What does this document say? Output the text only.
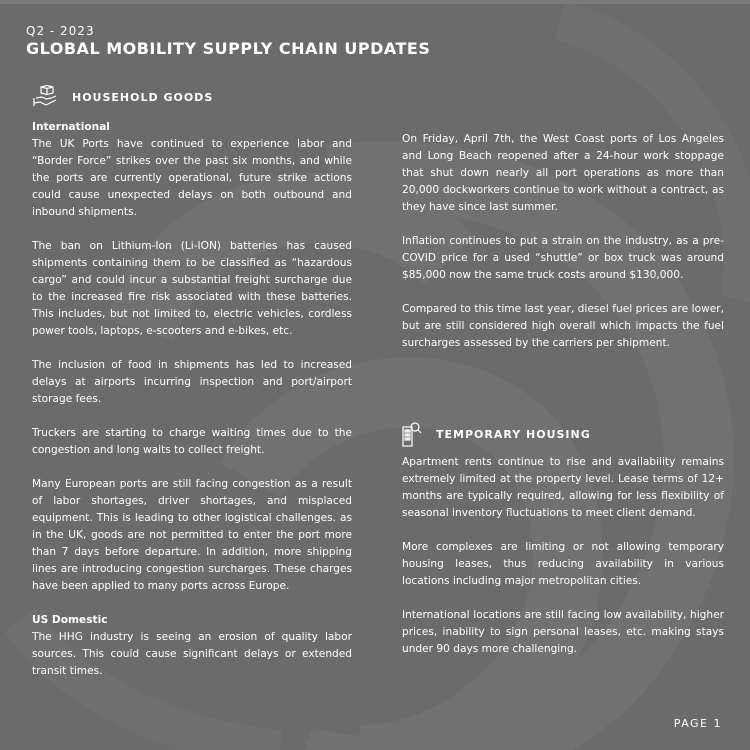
Q2 - 2023
GLOBAL MOBILITY SUPPLY CHAIN UPDATES
HOUSEHOLD GOODS
International

The UK Ports have continued to experience labor and “Border Force” strikes over the past six months, and while the ports are currently operational, future strike actions could cause unexpected delays on both outbound and inbound shipments.

The ban on Lithium-Ion (Li-ION) batteries has caused shipments containing them to be classified as “hazardous cargo” and could incur a substantial freight surcharge due to the increased fire risk associated with these batteries. This includes, but not limited to, electric vehicles, cordless power tools, laptops, e-scooters and e-bikes, etc.

The inclusion of food in shipments has led to increased delays at airports incurring inspection and port/airport storage fees.

Truckers are starting to charge waiting times due to the congestion and long waits to collect freight.

Many European ports are still facing congestion as a result of labor shortages, driver shortages, and misplaced equipment. This is leading to other logistical challenges. as in the UK, goods are not permitted to enter the port more than 7 days before departure. In addition, more shipping lines are introducing congestion surcharges. These charges have been applied to many ports across Europe.

US Domestic

The HHG industry is seeing an erosion of quality labor sources. This could cause significant delays or extended transit times.

On Friday, April 7th, the West Coast ports of Los Angeles and Long Beach reopened after a 24-hour work stoppage that shut down nearly all port operations as more than 20,000 dockworkers continue to work without a contract, as they have since last summer.

Inflation continues to put a strain on the industry, as a pre-COVID price for a used “shuttle” or box truck was around $85,000 now the same truck costs around $130,000.

Compared to this time last year, diesel fuel prices are lower, but are still considered high overall which impacts the fuel surcharges assessed by the carriers per shipment.

TEMPORARY HOUSING

Apartment rents continue to rise and availability remains extremely limited at the property level. Lease terms of 12+ months are typically required, allowing for less flexibility of seasonal inventory fluctuations to meet client demand.

More complexes are limiting or not allowing temporary housing leases, thus reducing availability in various locations including major metropolitan cities.

International locations are still facing low availability, higher prices, inability to sign personal leases, etc. making stays under 90 days more challenging.

PAGE 1
